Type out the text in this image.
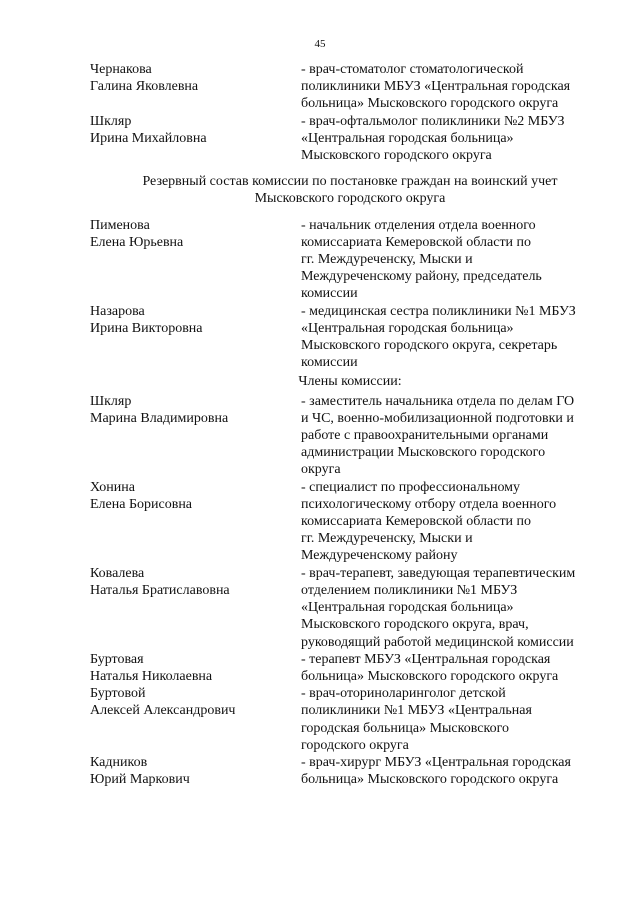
45
Чернакова
Галина Яковлевна
- врач-стоматолог стоматологической
поликлиники МБУЗ «Центральная городская
больница» Мысковского городского округа
Шкляр
Ирина Михайловна
- врач-офтальмолог поликлиники №2 МБУЗ
«Центральная городская больница»
Мысковского городского округа
Резервный состав комиссии по постановке граждан на воинский учет
Мысковского городского округа
Пименова
Елена Юрьевна
- начальник отделения отдела военного
комиссариата Кемеровской области по
гг. Междуреченску, Мыски и
Междуреченскому району, председатель
комиссии
Назарова
Ирина Викторовна
- медицинская сестра поликлиники №1 МБУЗ
«Центральная городская больница»
Мысковского городского округа, секретарь
комиссии
Члены комиссии:
Шкляр
Марина Владимировна
- заместитель начальника отдела по делам ГО
и ЧС, военно-мобилизационной подготовки и
работе с правоохранительными органами
администрации Мысковского городского
округа
Хонина
Елена Борисовна
- специалист по профессиональному
психологическому отбору отдела военного
комиссариата Кемеровской области по
гг. Междуреченску, Мыски и
Междуреченскому району
Ковалева
Наталья Братиславовна
- врач-терапевт, заведующая терапевтическим
отделением поликлиники №1 МБУЗ
«Центральная городская больница»
Мысковского городского округа, врач,
руководящий работой медицинской комиссии
Буртовая
Наталья Николаевна
- терапевт МБУЗ «Центральная городская
больница» Мысковского городского округа
Буртовой
Алексей Александрович
- врач-оториноларинголог детской
поликлиники №1 МБУЗ «Центральная
городская больница» Мысковского
городского округа
Кадников
Юрий Маркович
- врач-хирург МБУЗ «Центральная городская
больница» Мысковского городского округа
